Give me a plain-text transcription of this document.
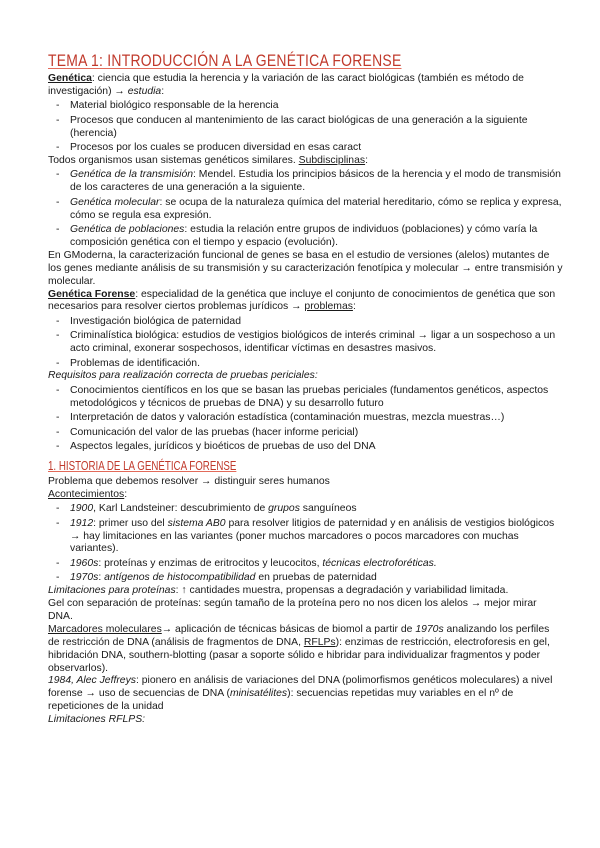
TEMA 1: INTRODUCCIÓN A LA GENÉTICA FORENSE

Genética: ciencia que estudia la herencia y la variación de las caract biológicas (también es método de investigación) → estudia:

- Material biológico responsable de la herencia
- Procesos que conducen al mantenimiento de las caract biológicas de una generación a la siguiente (herencia)
- Procesos por los cuales se producen diversidad en esas caract

Todos organismos usan sistemas genéticos similares. Subdisciplinas:

- Genética de la transmisión: Mendel. Estudia los principios básicos de la herencia y el modo de transmisión de los caracteres de una generación a la siguiente.
- Genética molecular: se ocupa de la naturaleza química del material hereditario, cómo se replica y expresa, cómo se regula esa expresión.
- Genética de poblaciones: estudia la relación entre grupos de individuos (poblaciones) y cómo varía la composición genética con el tiempo y espacio (evolución).

En GModerna, la caracterización funcional de genes se basa en el estudio de versiones (alelos) mutantes de los genes mediante análisis de su transmisión y su caracterización fenotípica y molecular → entre transmisión y molecular.

Genética Forense: especialidad de la genética que incluye el conjunto de conocimientos de genética que son necesarios para resolver ciertos problemas jurídicos → problemas:

- Investigación biológica de paternidad
- Criminalística biológica: estudios de vestigios biológicos de interés criminal → ligar a un sospechoso a un acto criminal, exonerar sospechosos, identificar víctimas en desastres masivos.
- Problemas de identificación.

Requisitos para realización correcta de pruebas periciales:

- Conocimientos científicos en los que se basan las pruebas periciales (fundamentos genéticos, aspectos metodológicos y técnicos de pruebas de DNA) y su desarrollo futuro
- Interpretación de datos y valoración estadística (contaminación muestras, mezcla muestras…)
- Comunicación del valor de las pruebas (hacer informe pericial)
- Aspectos legales, jurídicos y bioéticos de pruebas de uso del DNA
1. HISTORIA DE LA GENÉTICA FORENSE

Problema que debemos resolver → distinguir seres humanos

Acontecimientos:

- 1900, Karl Landsteiner: descubrimiento de grupos sanguíneos
- 1912: primer uso del sistema AB0 para resolver litigios de paternidad y en análisis de vestigios biológicos → hay limitaciones en las variantes (poner muchos marcadores o pocos marcadores con muchas variantes).
- 1960s: proteínas y enzimas de eritrocitos y leucocitos, técnicas electroforéticas.
- 1970s: antígenos de histocompatibilidad en pruebas de paternidad

Limitaciones para proteínas: ↑ cantidades muestra, propensas a degradación y variabilidad limitada.

Gel con separación de proteínas: según tamaño de la proteína pero no nos dicen los alelos → mejor mirar DNA.

Marcadores moleculares→ aplicación de técnicas básicas de biomol a partir de 1970s analizando los perfiles de restricción de DNA (análisis de fragmentos de DNA, RFLPs): enzimas de restricción, electroforesis en gel, hibridación DNA, southern-blotting (pasar a soporte sólido e hibridar para individualizar fragmentos y poder observarlos).

1984, Alec Jeffreys: pionero en análisis de variaciones del DNA (polimorfismos genéticos moleculares) a nivel forense → uso de secuencias de DNA (minisatélites): secuencias repetidas muy variables en el nº de repeticiones de la unidad

Limitaciones RFLPS:
